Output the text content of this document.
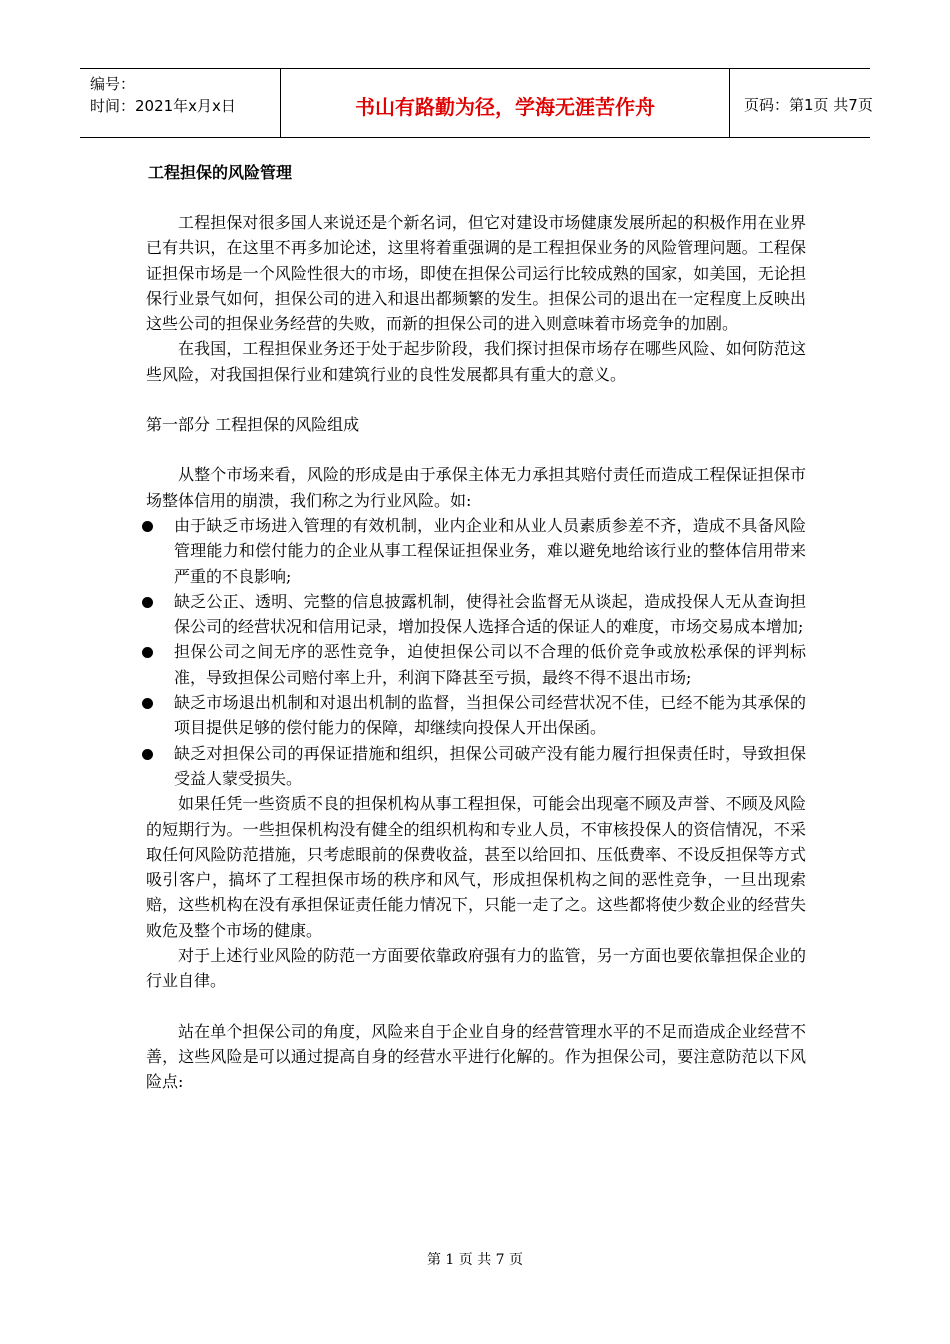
编号：
时间：2021年x月x日	书山有路勤为径，学海无涯苦作舟	页码：第1页 共7页
工程担保的风险管理

工程担保对很多国人来说还是个新名词，但它对建设市场健康发展所起的积极作用在业界已有共识，在这里不再多加论述，这里将着重强调的是工程担保业务的风险管理问题。工程保证担保市场是一个风险性很大的市场，即使在担保公司运行比较成熟的国家，如美国，无论担保行业景气如何，担保公司的进入和退出都频繁的发生。担保公司的退出在一定程度上反映出这些公司的担保业务经营的失败，而新的担保公司的进入则意味着市场竞争的加剧。

在我国，工程担保业务还于处于起步阶段，我们探讨担保市场存在哪些风险、如何防范这些风险，对我国担保行业和建筑行业的良性发展都具有重大的意义。

第一部分 工程担保的风险组成

从整个市场来看，风险的形成是由于承保主体无力承担其赔付责任而造成工程保证担保市场整体信用的崩溃，我们称之为行业风险。如:

由于缺乏市场进入管理的有效机制，业内企业和从业人员素质参差不齐，造成不具备风险管理能力和偿付能力的企业从事工程保证担保业务，难以避免地给该行业的整体信用带来严重的不良影响;
缺乏公正、透明、完整的信息披露机制，使得社会监督无从谈起，造成投保人无从查询担保公司的经营状况和信用记录，增加投保人选择合适的保证人的难度，市场交易成本增加;
担保公司之间无序的恶性竞争，迫使担保公司以不合理的低价竞争或放松承保的评判标准，导致担保公司赔付率上升，利润下降甚至亏损，最终不得不退出市场;
缺乏市场退出机制和对退出机制的监督，当担保公司经营状况不佳，已经不能为其承保的项目提供足够的偿付能力的保障，却继续向投保人开出保函。
缺乏对担保公司的再保证措施和组织，担保公司破产没有能力履行担保责任时，导致担保受益人蒙受损失。

如果任凭一些资质不良的担保机构从事工程担保，可能会出现毫不顾及声誉、不顾及风险的短期行为。一些担保机构没有健全的组织机构和专业人员，不审核投保人的资信情况，不采取任何风险防范措施，只考虑眼前的保费收益，甚至以给回扣、压低费率、不设反担保等方式吸引客户，搞坏了工程担保市场的秩序和风气，形成担保机构之间的恶性竞争，一旦出现索赔，这些机构在没有承担保证责任能力情况下，只能一走了之。这些都将使少数企业的经营失败危及整个市场的健康。

对于上述行业风险的防范一方面要依靠政府强有力的监管，另一方面也要依靠担保企业的行业自律。

站在单个担保公司的角度，风险来自于企业自身的经营管理水平的不足而造成企业经营不善，这些风险是可以通过提高自身的经营水平进行化解的。作为担保公司，要注意防范以下风险点:

第 1 页 共 7 页
